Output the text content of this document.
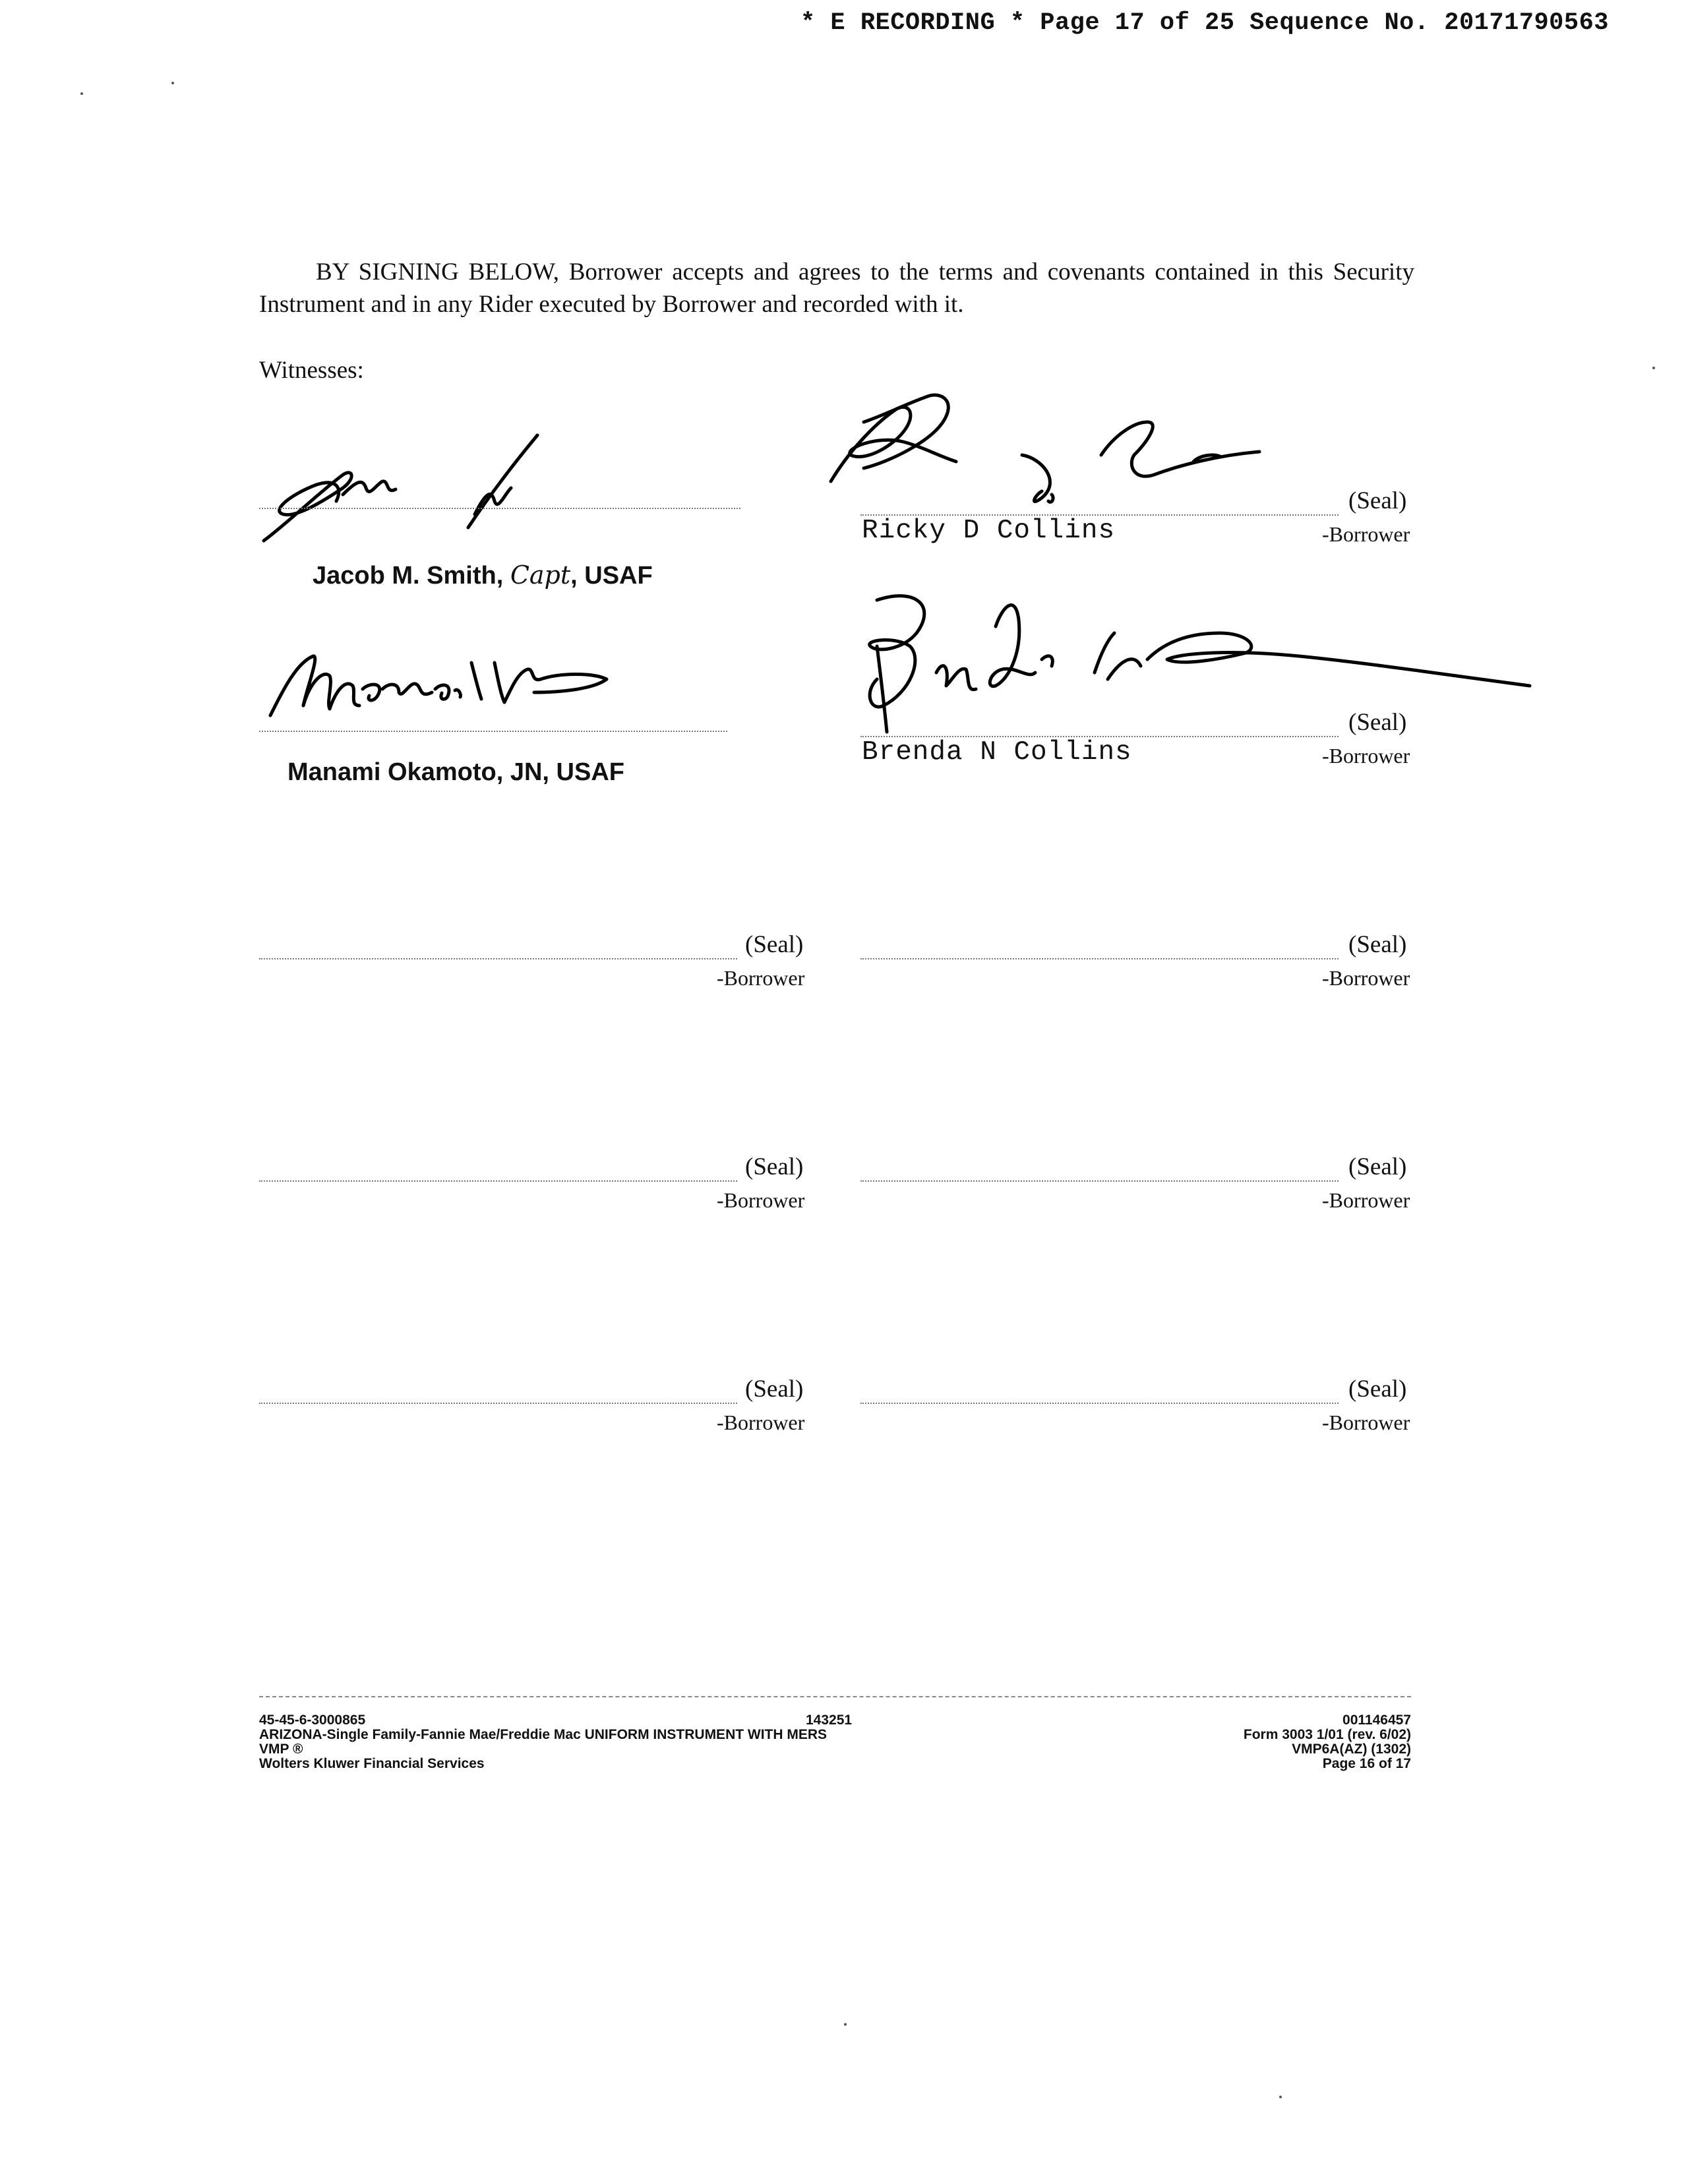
* E RECORDING * Page 17 of 25 Sequence No. 20171790563
BY SIGNING BELOW, Borrower accepts and agrees to the terms and covenants contained in this Security Instrument and in any Rider executed by Borrower and recorded with it.
Witnesses:
Jacob M. Smith, Capt, USAF
Manami Okamoto, JN, USAF
(Seal)
Ricky D Collins	-Borrower
(Seal)
Brenda N Collins	-Borrower
(Seal)
-Borrower
(Seal)
-Borrower
(Seal)
-Borrower
(Seal)
-Borrower
(Seal)
-Borrower
(Seal)
-Borrower
45-45-6-3000865
ARIZONA-Single Family-Fannie Mae/Freddie Mac UNIFORM INSTRUMENT WITH MERS
VMP ®
Wolters Kluwer Financial Services
143251	001146457
Form 3003 1/01 (rev. 6/02)
VMP6A(AZ) (1302)
Page 16 of 17
